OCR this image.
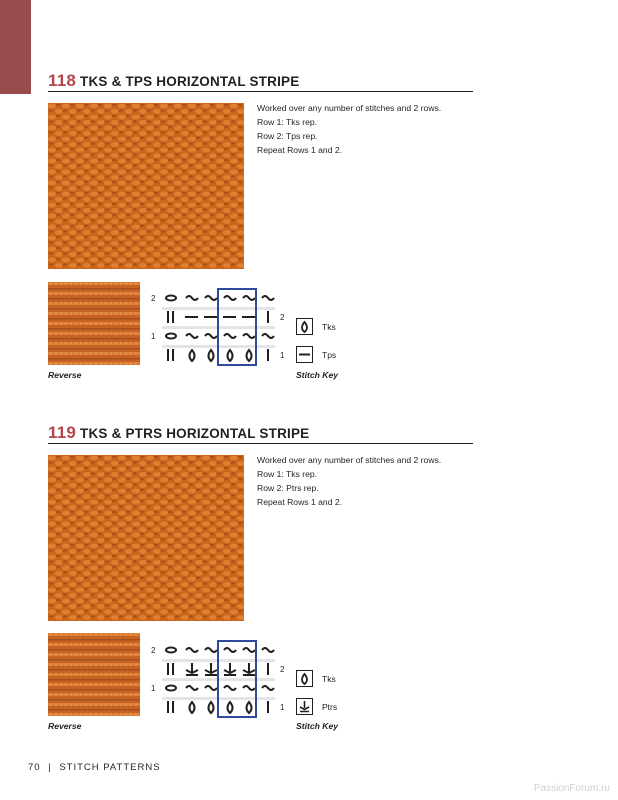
118 TKS & TPS HORIZONTAL STRIPE
Worked over any number of stitches and 2 rows.
Row 1: Tks rep.
Row 2: Tps rep.
Repeat Rows 1 and 2.
Reverse
2
1
2
1
Tks
Tps
Stitch Key
119 TKS & PTRS HORIZONTAL STRIPE
Worked over any number of stitches and 2 rows.
Row 1: Tks rep.
Row 2: Ptrs rep.
Repeat Rows 1 and 2.
Reverse
2
1
2
1
Tks
Ptrs
Stitch Key
70 | STITCH PATTERNS
PassionForum.ru
